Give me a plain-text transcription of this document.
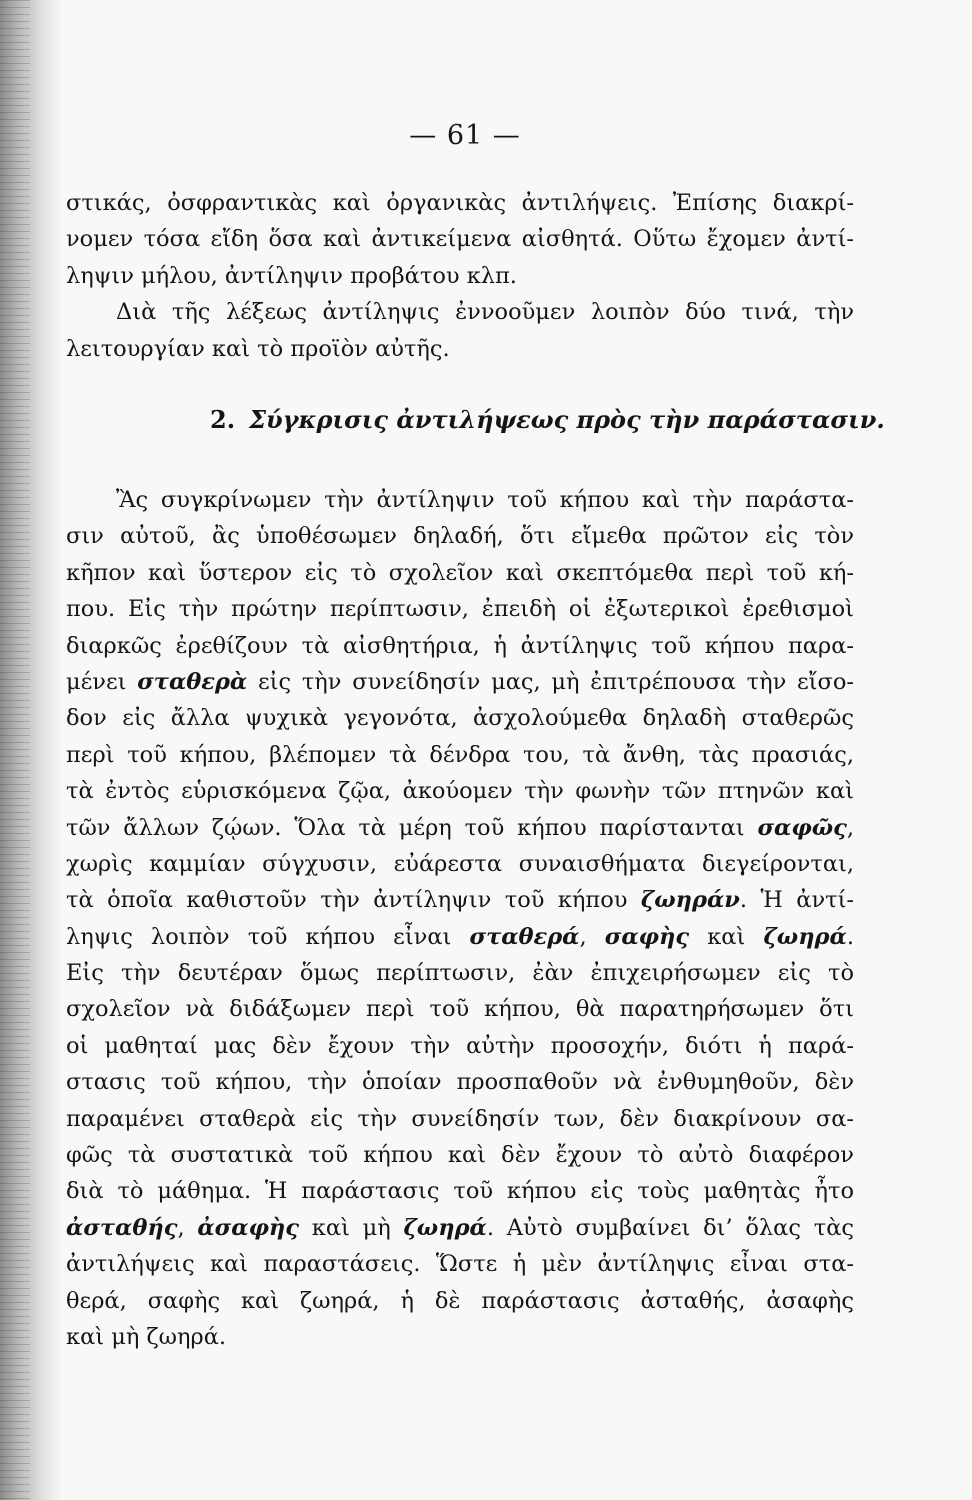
— 61 —
στικάς, ὀσφραντικὰς καὶ ὀργανικὰς ἀντιλήψεις. Ἐπίσης διακρί-
νομεν τόσα εἴδη ὅσα καὶ ἀντικείμενα αἰσθητά. Οὕτω ἔχομεν ἀντί-
ληψιν μήλου, ἀντίληψιν προβάτου κλπ.
Διὰ τῆς λέξεως ἀντίληψις ἐννοοῦμεν λοιπὸν δύο τινά, τὴν
λειτουργίαν καὶ τὸ προϊὸν αὐτῆς.
2. Σύγκρισις ἀντιλήψεως πρὸς τὴν παράστασιν.
Ἂς συγκρίνωμεν τὴν ἀντίληψιν τοῦ κήπου καὶ τὴν παράστα-
σιν αὐτοῦ, ἂς ὑποθέσωμεν δηλαδή, ὅτι εἴμεθα πρῶτον εἰς τὸν
κῆπον καὶ ὕστερον εἰς τὸ σχολεῖον καὶ σκεπτόμεθα περὶ τοῦ κή-
που. Εἰς τὴν πρώτην περίπτωσιν, ἐπειδὴ οἱ ἐξωτερικοὶ ἐρεθισμοὶ
διαρκῶς ἐρεθίζουν τὰ αἰσθητήρια, ἡ ἀντίληψις τοῦ κήπου παρα-
μένει σταθερὰ εἰς τὴν συνείδησίν μας, μὴ ἐπιτρέπουσα τὴν εἴσο-
δον εἰς ἄλλα ψυχικὰ γεγονότα, ἀσχολούμεθα δηλαδὴ σταθερῶς
περὶ τοῦ κήπου, βλέπομεν τὰ δένδρα του, τὰ ἄνθη, τὰς πρασιάς,
τὰ ἐντὸς εὑρισκόμενα ζῷα, ἀκούομεν τὴν φωνὴν τῶν πτηνῶν καὶ
τῶν ἄλλων ζῴων. Ὅλα τὰ μέρη τοῦ κήπου παρίστανται σαφῶς,
χωρὶς καμμίαν σύγχυσιν, εὐάρεστα συναισθήματα διεγείρονται,
τὰ ὁποῖα καθιστοῦν τὴν ἀντίληψιν τοῦ κήπου ζωηράν. Ἡ ἀντί-
ληψις λοιπὸν τοῦ κήπου εἶναι σταθερά, σαφὴς καὶ ζωηρά.
Εἰς τὴν δευτέραν ὅμως περίπτωσιν, ἐὰν ἐπιχειρήσωμεν εἰς τὸ
σχολεῖον νὰ διδάξωμεν περὶ τοῦ κήπου, θὰ παρατηρήσωμεν ὅτι
οἱ μαθηταί μας δὲν ἔχουν τὴν αὐτὴν προσοχήν, διότι ἡ παρά-
στασις τοῦ κήπου, τὴν ὁποίαν προσπαθοῦν νὰ ἐνθυμηθοῦν, δὲν
παραμένει σταθερὰ εἰς τὴν συνείδησίν των, δὲν διακρίνουν σα-
φῶς τὰ συστατικὰ τοῦ κήπου καὶ δὲν ἔχουν τὸ αὐτὸ διαφέρον
διὰ τὸ μάθημα. Ἡ παράστασις τοῦ κήπου εἰς τοὺς μαθητὰς ἦτο
ἀσταθής, ἀσαφὴς καὶ μὴ ζωηρά. Αὐτὸ συμβαίνει δι’ ὅλας τὰς
ἀντιλήψεις καὶ παραστάσεις. Ὥστε ἡ μὲν ἀντίληψις εἶναι στα-
θερά, σαφὴς καὶ ζωηρά, ἡ δὲ παράστασις ἀσταθής, ἀσαφὴς
καὶ μὴ ζωηρά.
